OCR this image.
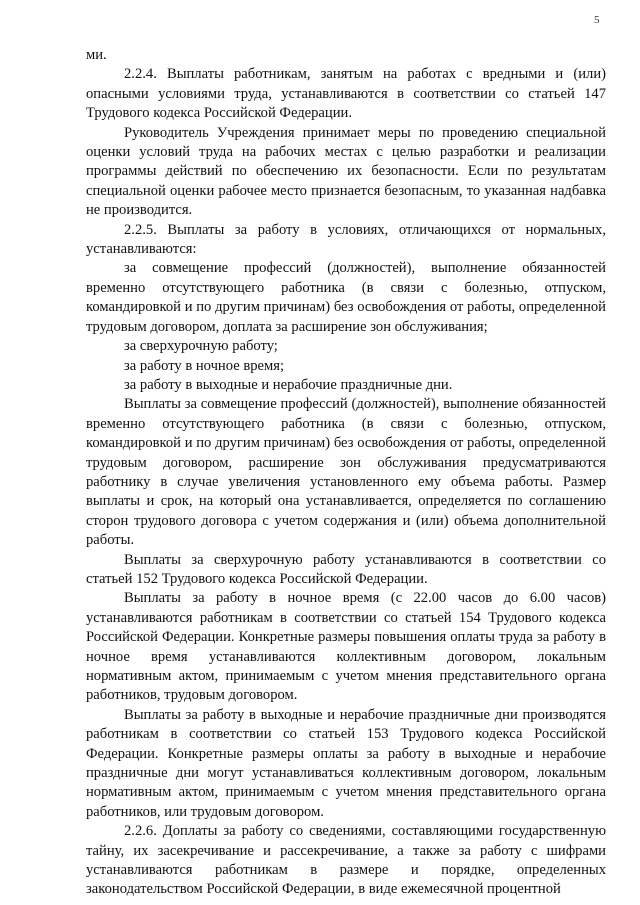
5

ми.

2.2.4. Выплаты работникам, занятым на работах с вредными и (или) опасными условиями труда, устанавливаются в соответствии со статьей 147 Трудового кодекса Российской Федерации.

Руководитель Учреждения принимает меры по проведению специальной оценки условий труда на рабочих местах с целью разработки и реализации программы действий по обеспечению их безопасности. Если по результатам специальной оценки рабочее место признается безопасным, то указанная надбавка не производится.

2.2.5. Выплаты за работу в условиях, отличающихся от нормальных, устанавливаются:

за совмещение профессий (должностей), выполнение обязанностей временно отсутствующего работника (в связи с болезнью, отпуском, командировкой и по другим причинам) без освобождения от работы, определенной трудовым договором, доплата за расширение зон обслуживания;

за сверхурочную работу;

за работу в ночное время;

за работу в выходные и нерабочие праздничные дни.

Выплаты за совмещение профессий (должностей), выполнение обязанностей временно отсутствующего работника (в связи с болезнью, отпуском, командировкой и по другим причинам) без освобождения от работы, определенной трудовым договором, расширение зон обслуживания предусматриваются работнику в случае увеличения установленного ему объема работы. Размер выплаты и срок, на который она устанавливается, определяется по соглашению сторон трудового договора с учетом содержания и (или) объема дополнительной работы.

Выплаты за сверхурочную работу устанавливаются в соответствии со статьей 152 Трудового кодекса Российской Федерации.

Выплаты за работу в ночное время (с 22.00 часов до 6.00 часов) устанавливаются работникам в соответствии со статьей 154 Трудового кодекса Российской Федерации. Конкретные размеры повышения оплаты труда за работу в ночное время устанавливаются коллективным договором, локальным нормативным актом, принимаемым с учетом мнения представительного органа работников, трудовым договором.

Выплаты за работу в выходные и нерабочие праздничные дни производятся работникам в соответствии со статьей 153 Трудового кодекса Российской Федерации. Конкретные размеры оплаты за работу в выходные и нерабочие праздничные дни могут устанавливаться коллективным договором, локальным нормативным актом, принимаемым с учетом мнения представительного органа работников, или трудовым договором.

2.2.6. Доплаты за работу со сведениями, составляющими государственную тайну, их засекречивание и рассекречивание, а также за работу с шифрами устанавливаются работникам в размере и порядке, определенных законодательством Российской Федерации, в виде ежемесячной процентной
